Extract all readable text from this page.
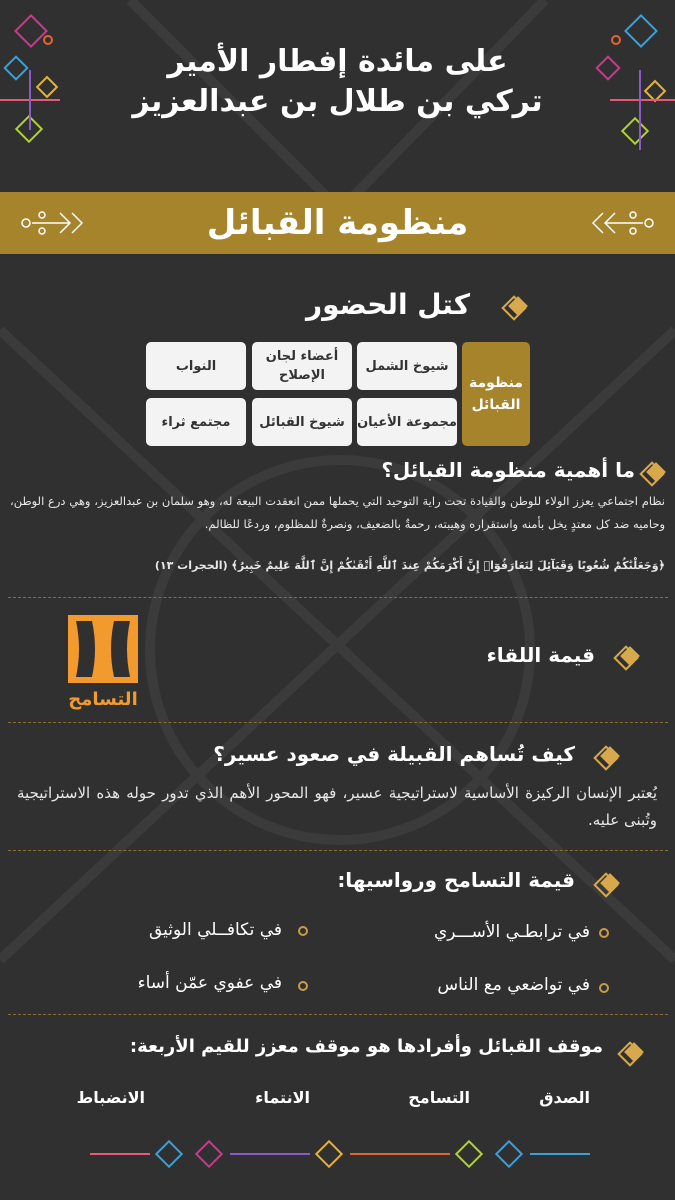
على مائدة إفطار الأمير
تركي بن طلال بن عبدالعزيز
منظومة القبائل
كتل الحضور
منظومة القبائل
شيوخ الشمل
أعضاء لجان الإصلاح
النواب
مجموعة الأعيان
شيوخ القبائل
مجتمع ثراء
ما أهمية منظومة القبائل؟
نظام اجتماعي يعزز الولاء للوطن والقيادة تحت راية التوحيد التي يحملها ممن انعقدت البيعة له، وهو سلمان بن عبدالعزيز، وهي درع الوطن، وحاميه ضد كل معتدٍ يخل بأمنه واستقراره وهيبته، رحمةٌ بالضعيف، ونصرةٌ للمظلوم، وردعًا للظالم.
﴿وَجَعَلْنَٰكُمْ شُعُوبًا وَقَبَآئِلَ لِتَعَارَفُوٓا۟ إِنَّ أَكْرَمَكُمْ عِندَ ٱللَّهِ أَتْقَىٰكُمْ إِنَّ ٱللَّهَ عَلِيمٌ خَبِيرٌ﴾ (الحجرات ١٣)
قيمة اللقاء
التسامح
كيف تُساهم القبيلة في صعود عسير؟
يُعتبر الإنسان الركيزة الأساسية لاستراتيجية عسير، فهو المحور الأهم الذي تدور حوله هذه الاستراتيجية وتُبنى عليه.
قيمة التسامح ورواسيها:
في ترابطـي الأســـري
في تكافــلي الوثيق
في تواضعي مع الناس
في عفوي عمّن أساء
موقف القبائل وأفرادها هو موقف معزز للقيم الأربعة:
الصدق
التسامح
الانتماء
الانضباط
